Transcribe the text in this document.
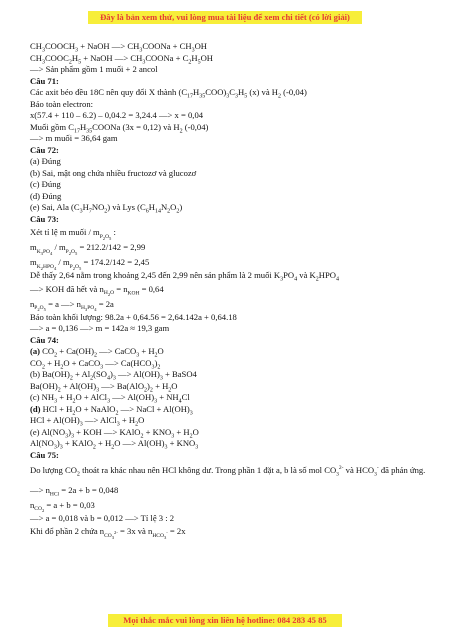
Đây là bản xem thử, vui lòng mua tài liệu để xem chi tiết (có lời giải)
$CH_3COOCH_3$ + NaOH —> $CH_3COONa + CH_3OH$
$CH_3COOC_2H_5$ + NaOH —> $CH_3COONa + C_2H_5OH$
—> Sản phẩm gồm 1 muối + 2 ancol
Câu 71:
Các axit béo đều 18C nên quy đổi X thành $(C_{17}H_{35}COO)_3C_3H_5$ (x) và $H_2$ (-0,04)
Bảo toàn electron:
x(57.4 + 110 – 6.2) – 0,04.2 = 3,24.4 —> x = 0,04
Muối gồm $C_{17}H_{35}COONa$ (3x = 0,12) và $H_2$ (-0,04)
—> m muối = 36,64 gam
Câu 72:
(a) Đúng
(b) Sai, mật ong chứa nhiều fructozơ và glucozơ
(c) Đúng
(d) Đúng
(e) Sai, Ala $(C_3H_7NO_2)$ và Lys $(C_6H_{14}N_2O_2)$
Câu 73:
Xét tỉ lệ m muối / $m_{P_2O_5}$ :
$m_{K_3PO_4} / m_{P_2O_5} = 212.2/142 = 2,99$
$m_{K_2HPO_4} / m_{P_2O_5} = 174.2/142 = 2,45$
Dễ thấy 2,64 nằm trong khoảng 2,45 đến 2,99 nên sản phẩm là 2 muối $K_3PO_4$ và $K_2HPO_4$
—> KOH đã hết và $n_{H_2O} = n_{KOH} = 0,64$
$n_{P_2O_5} = a$ —> $n_{H_3PO_4} = 2a$
Bảo toàn khối lượng: 98.2a + 0,64.56 = 2,64.142a + 0,64.18
—> a = 0,136 —> m = 142a ≈ 19,3 gam
Câu 74:
(a) $CO_2 + Ca(OH)_2$ —> CaCO$_3$ + $H_2O$
$CO_2 + H_2O$ + CaCO$_3$ —> $Ca(HCO_3)_2$
(b) $Ba(OH)_2 + Al_2(SO_4)_3$ —> $Al(OH)_3$ + BaSO4
$Ba(OH)_2 + Al(OH)_3$ —> $Ba(AlO_2)_2 + H_2O$
(c) $NH_3 + H_2O$ + AlCl$_3$ —> $Al(OH)_3 + NH_4Cl$
(d) HCl + $H_2O$ + NaAlO$_2$ —> NaCl + $Al(OH)_3$
HCl + $Al(OH)_3$ —> AlCl$_3$ + $H_2O$
(e) $Al(NO_3)_3$ + KOH —> KAlO$_2$ + $KNO_3 + H_2O$
$Al(NO_3)_3$ + KAlO$_2$ + $H_2O$ —> $Al(OH)_3 + KNO_3$
Câu 75:
Do lượng $CO_2$ thoát ra khác nhau nên HCl không dư. Trong phần 1 đặt a, b là số mol $CO_3^{2-}$ và $HCO_3^-$ đã phản ứng.
—> $n_{HCl} = 2a + b = 0,048$
$n_{CO_2} = a + b = 0,03$
—> a = 0,018 và b = 0,012 —> Tỉ lệ 3 : 2
Khi đổ phần 2 chứa $n_{CO_3^{2-}} = 3x$ và $n_{HCO_3^-} = 2x$
Mọi thắc mắc vui lòng xin liên hệ hotline: 084 283 45 85
